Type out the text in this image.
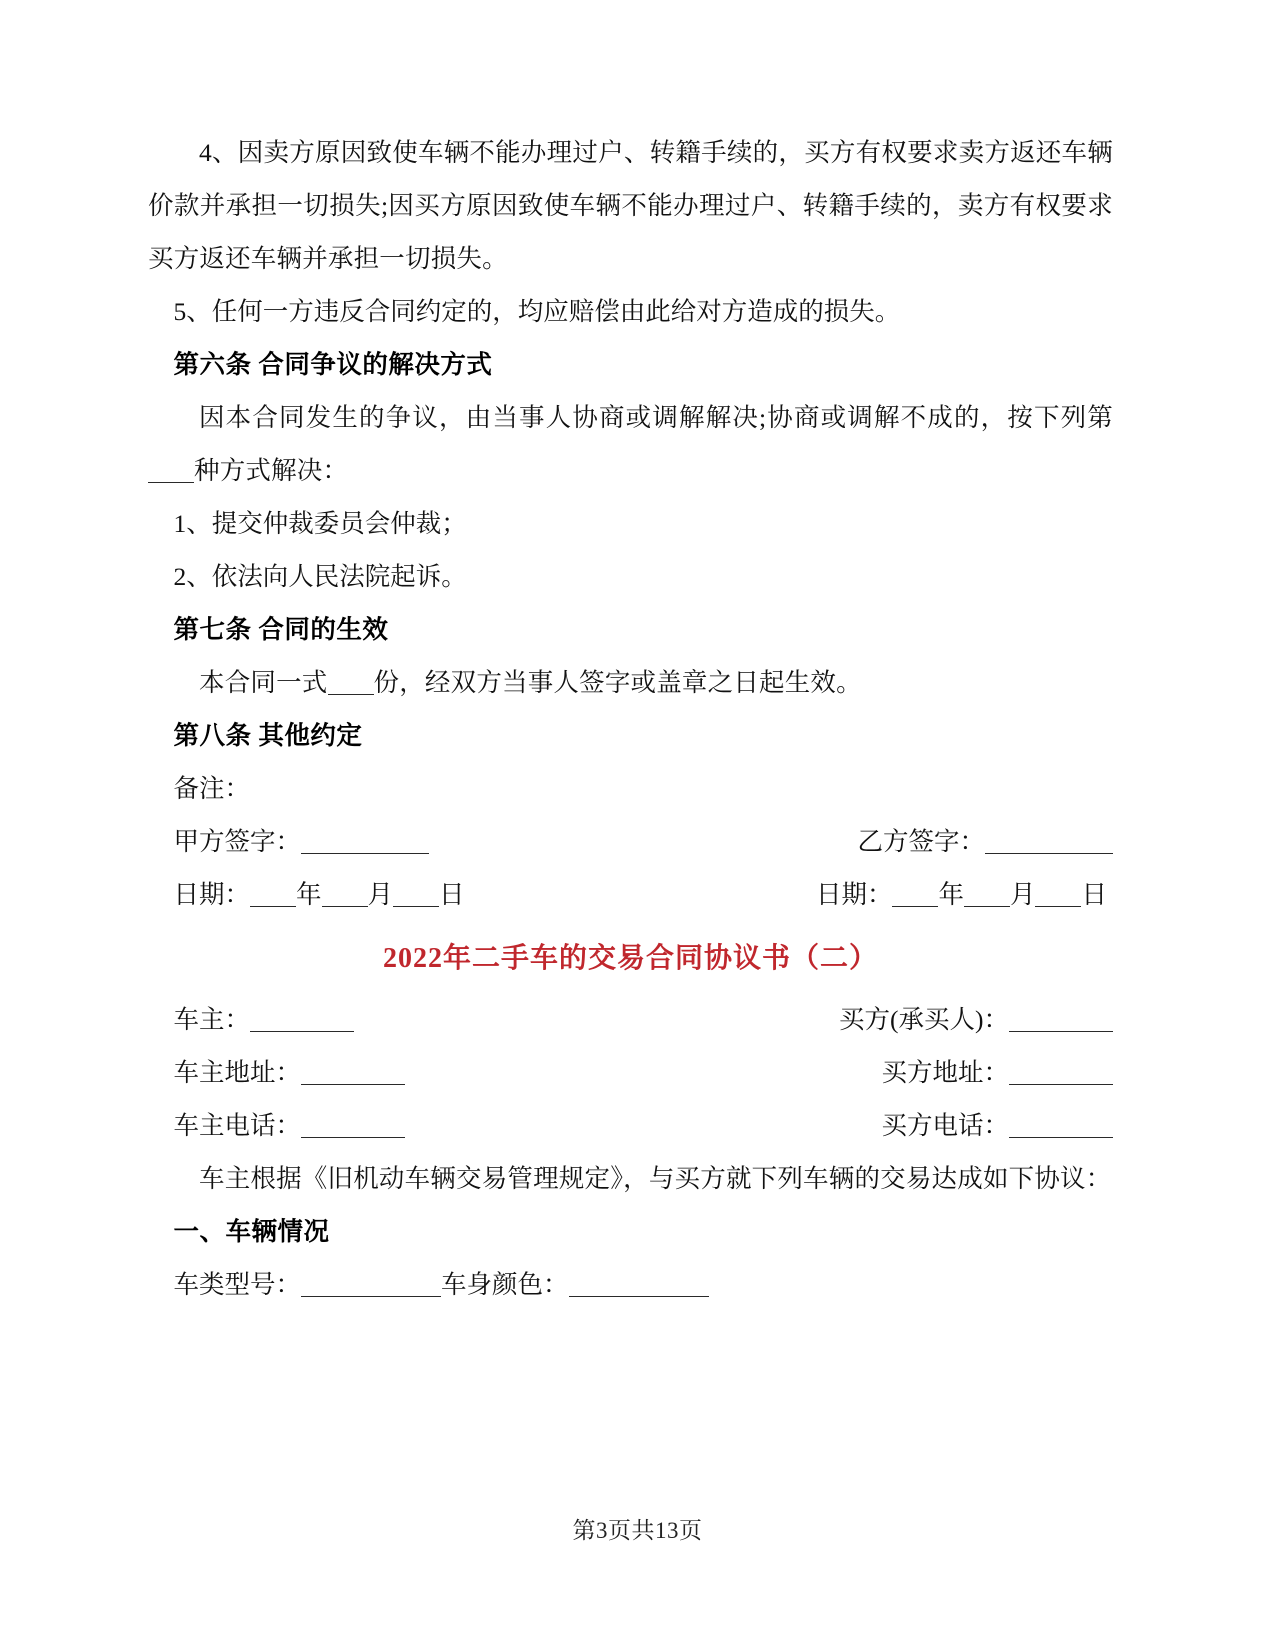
4、因卖方原因致使车辆不能办理过户、转籍手续的，买方有权要求卖方返还车辆价款并承担一切损失;因买方原因致使车辆不能办理过户、转籍手续的，卖方有权要求买方返还车辆并承担一切损失。

5、任何一方违反合同约定的，均应赔偿由此给对方造成的损失。

第六条 合同争议的解决方式

因本合同发生的争议，由当事人协商或调解解决;协商或调解不成的，按下列第种方式解决：

1、提交仲裁委员会仲裁；

2、依法向人民法院起诉。

第七条 合同的生效

本合同一式 份，经双方当事人签字或盖章之日起生效。

第八条 其他约定

备注：

甲方签字：	乙方签字：
日期： 年 月 日	日期： 年 月 日

2022年二手车的交易合同协议书（二）

车主：	买方(承买人)：
车主地址：	买方地址：
车主电话：	买方电话：

车主根据《旧机动车辆交易管理规定》，与买方就下列车辆的交易达成如下协议：

一、车辆情况

车类型号：	车身颜色：
第3页共13页
